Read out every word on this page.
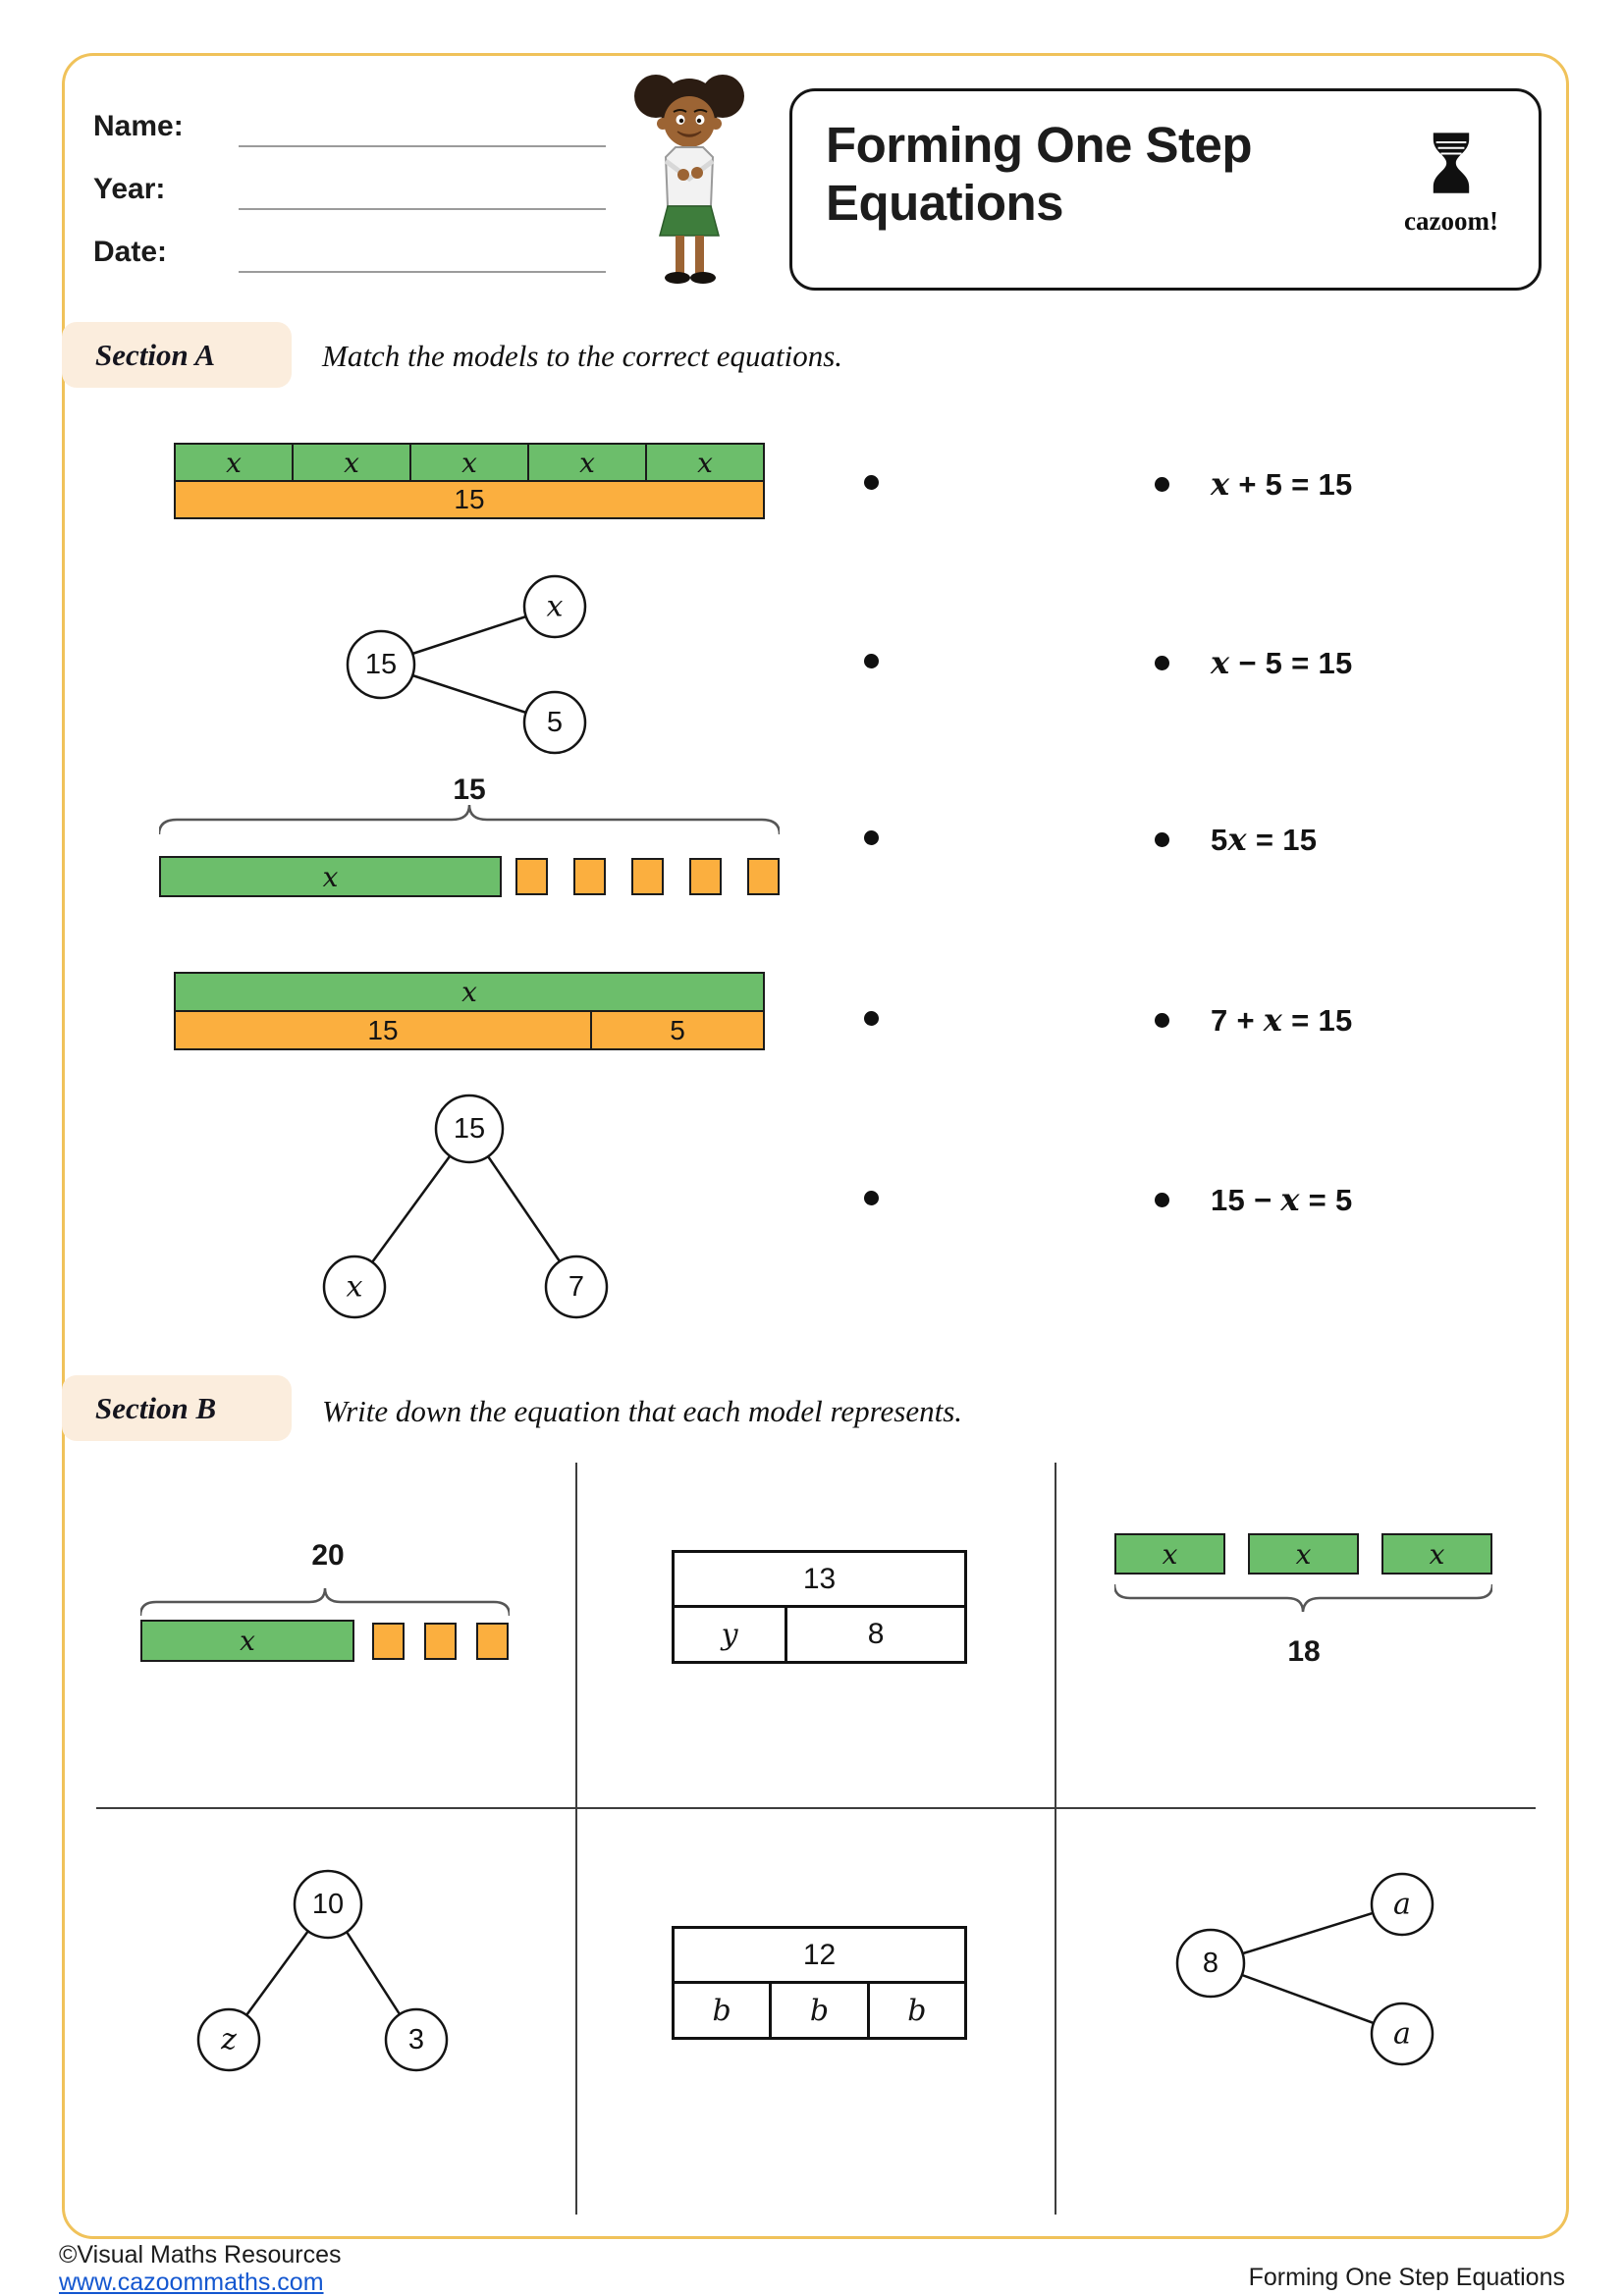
Name:
Year:
Date:
Forming One Step
Equations	cazoom!
Section A	Match the models to the correct equations.
x	x	x	x	x
15
15
x
5
15
x
x
15	5
15
x	7
x + 5 = 15
x − 5 = 15
5x = 15
7 + x = 15
15 − x = 5
Section B	Write down the equation that each model represents.
20
x
13
y	8
x	x	x
18
10
z	3
12
b	b	b
8
a
a
©Visual Maths Resources
www.cazoommaths.com	Forming One Step Equations
